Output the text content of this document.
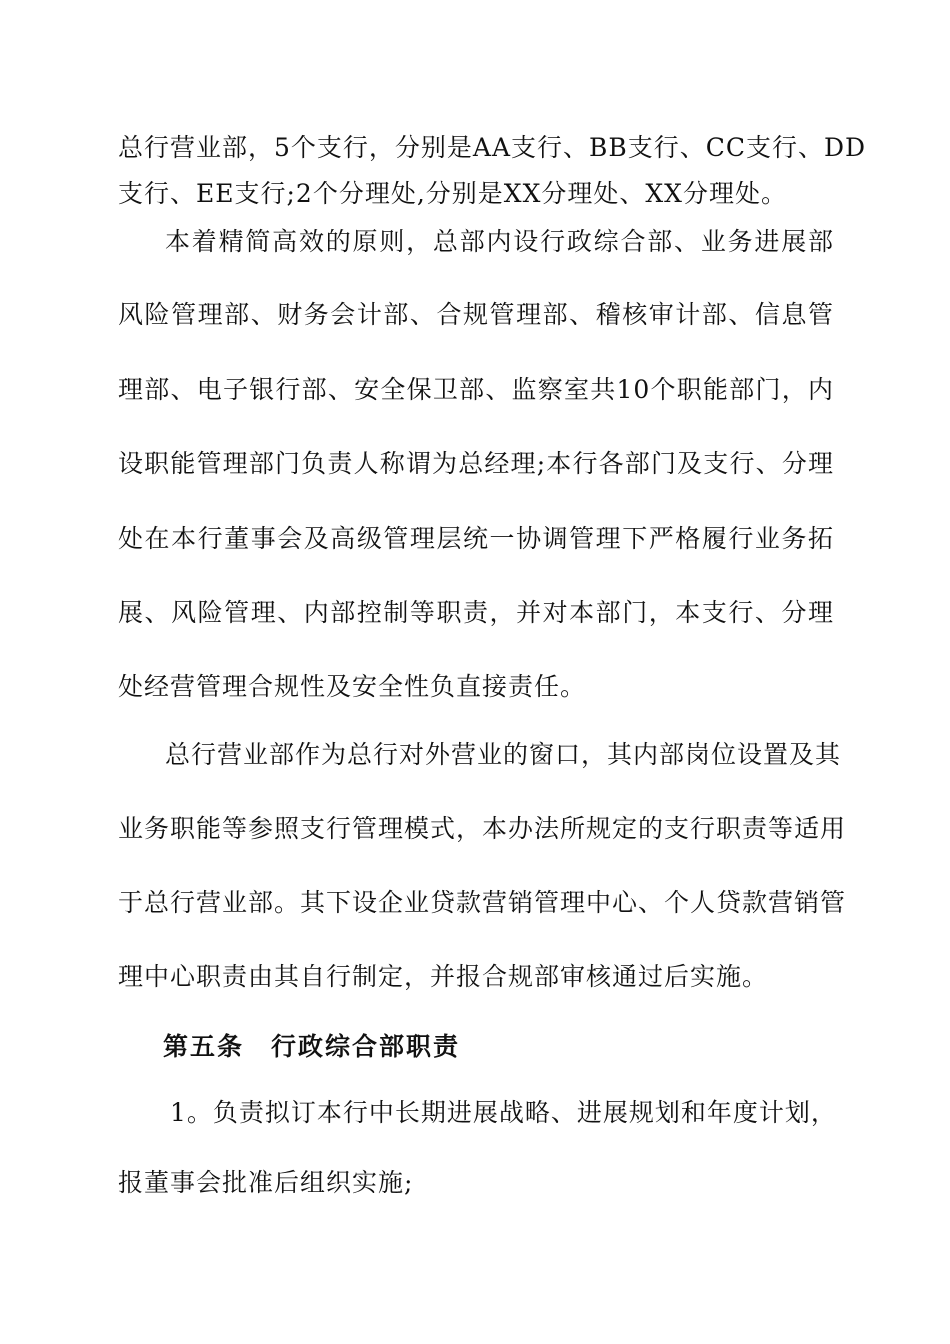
总行营业部，5个支行，分别是AA支行、BB支行、CC支行、DD
支行、EE支行;2个分理处,分别是XX分理处、XX分理处。
本着精简高效的原则，总部内设行政综合部、业务进展部
风险管理部、财务会计部、合规管理部、稽核审计部、信息管
理部、电子银行部、安全保卫部、监察室共10个职能部门，内
设职能管理部门负责人称谓为总经理;本行各部门及支行、分理
处在本行董事会及高级管理层统一协调管理下严格履行业务拓
展、风险管理、内部控制等职责，并对本部门，本支行、分理
处经营管理合规性及安全性负直接责任。
总行营业部作为总行对外营业的窗口，其内部岗位设置及其
业务职能等参照支行管理模式，本办法所规定的支行职责等适用
于总行营业部。其下设企业贷款营销管理中心、个人贷款营销管
理中心职责由其自行制定，并报合规部审核通过后实施。
第五条　行政综合部职责
1。负责拟订本行中长期进展战略、进展规划和年度计划，
报董事会批准后组织实施;
